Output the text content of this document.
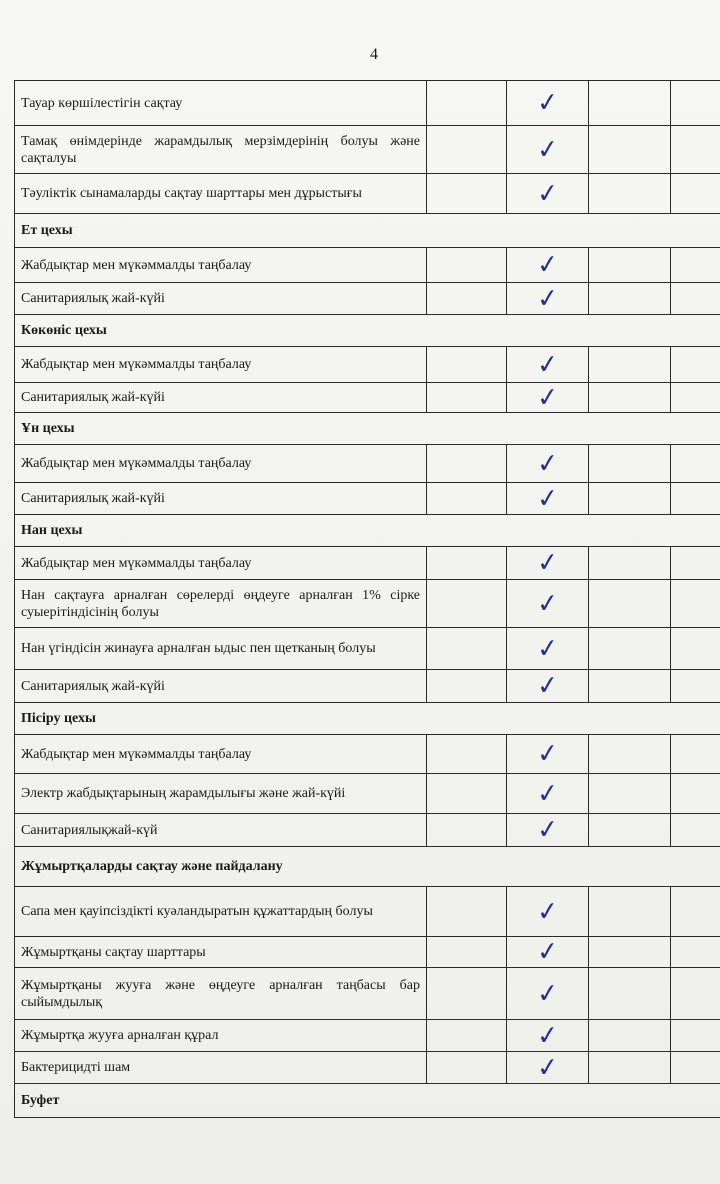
4
Тауар көршілестігін сақтау		✓		
Тамақ өнімдерінде жарамдылық мерзімдерінің болуы және сақталуы		✓		
Тәуліктік сынамаларды сақтау шарттары мен дұрыстығы		✓		
Ет цехы				
Жабдықтар мен мүкәммалды таңбалау		✓		
Санитариялық жай-күйі		✓		
Көкөніс цехы				
Жабдықтар мен мүкәммалды таңбалау		✓		
Санитариялық жай-күйі		✓		
Ұн цехы				
Жабдықтар мен мүкәммалды таңбалау		✓		
Санитариялық жай-күйі		✓		
Нан цехы				
Жабдықтар мен мүкәммалды таңбалау		✓		
Нан сақтауға арналған сөрелерді өңдеуге арналған 1% сірке суыерітіндісінің болуы		✓		
Нан үгіндісін жинауға арналған ыдыс пен щетканың болуы		✓		
Санитариялық жай-күйі		✓		
Пісіру цехы				
Жабдықтар мен мүкәммалды таңбалау		✓		
Электр жабдықтарының жарамдылығы және жай-күйі		✓		
Санитариялықжай-күй		✓		
Жұмыртқаларды сақтау және пайдалану				
Сапа мен қауіпсіздікті куәландыратын құжаттардың болуы		✓		
Жұмыртқаны сақтау шарттары		✓		
Жұмыртқаны жууға және өңдеуге арналған таңбасы бар сыйымдылық		✓		
Жұмыртқа жууға арналған құрал		✓		
Бактерицидті шам		✓		
Буфет				
